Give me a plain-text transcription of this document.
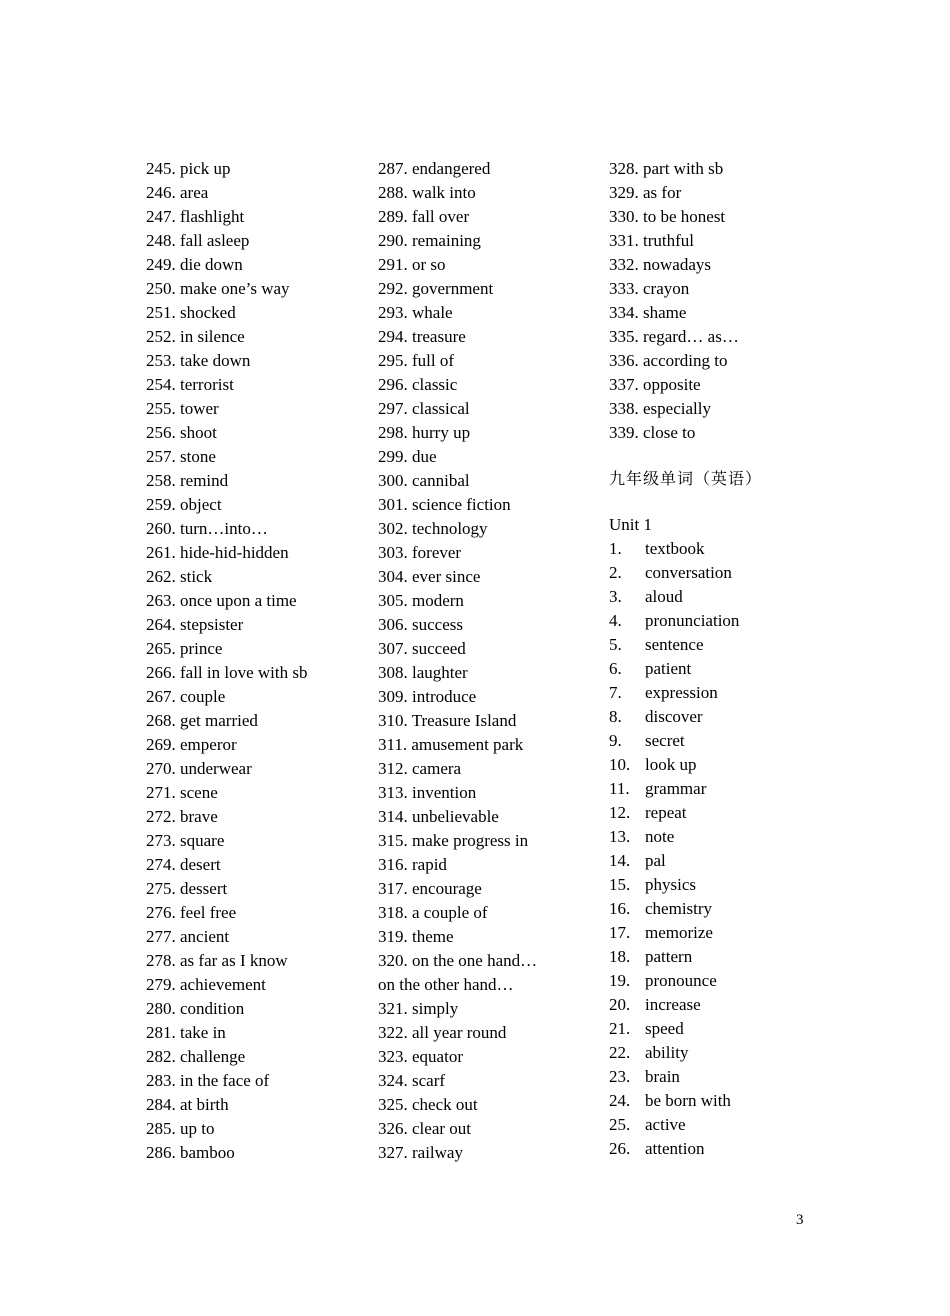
245. pick up
246. area
247. flashlight
248. fall asleep
249. die down
250. make one’s way
251. shocked
252. in silence
253. take down
254. terrorist
255. tower
256. shoot
257. stone
258. remind
259. object
260. turn…into…
261. hide-hid-hidden
262. stick
263. once upon a time
264. stepsister
265. prince
266. fall in love with sb
267. couple
268. get married
269. emperor
270. underwear
271. scene
272. brave
273. square
274. desert
275. dessert
276. feel free
277. ancient
278. as far as I know
279. achievement
280. condition
281. take in
282. challenge
283. in the face of
284. at birth
285. up to
286. bamboo
287. endangered
288. walk into
289. fall over
290. remaining
291. or so
292. government
293. whale
294. treasure
295. full of
296. classic
297. classical
298. hurry up
299. due
300. cannibal
301. science fiction
302. technology
303. forever
304. ever since
305. modern
306. success
307. succeed
308. laughter
309. introduce
310. Treasure Island
311. amusement park
312. camera
313. invention
314. unbelievable
315. make progress in
316. rapid
317. encourage
318. a couple of
319. theme
320. on the one hand…
on the other hand…
321. simply
322. all year round
323. equator
324. scarf
325. check out
326. clear out
327. railway
328. part with sb
329. as for
330. to be honest
331. truthful
332. nowadays
333. crayon
334. shame
335. regard… as…
336. according to
337. opposite
338. especially
339. close to
九年级单词（英语）
Unit 1
1. textbook
2. conversation
3. aloud
4. pronunciation
5. sentence
6. patient
7. expression
8. discover
9. secret
10. look up
11. grammar
12. repeat
13. note
14. pal
15. physics
16. chemistry
17. memorize
18. pattern
19. pronounce
20. increase
21. speed
22. ability
23. brain
24. be born with
25. active
26. attention
3
